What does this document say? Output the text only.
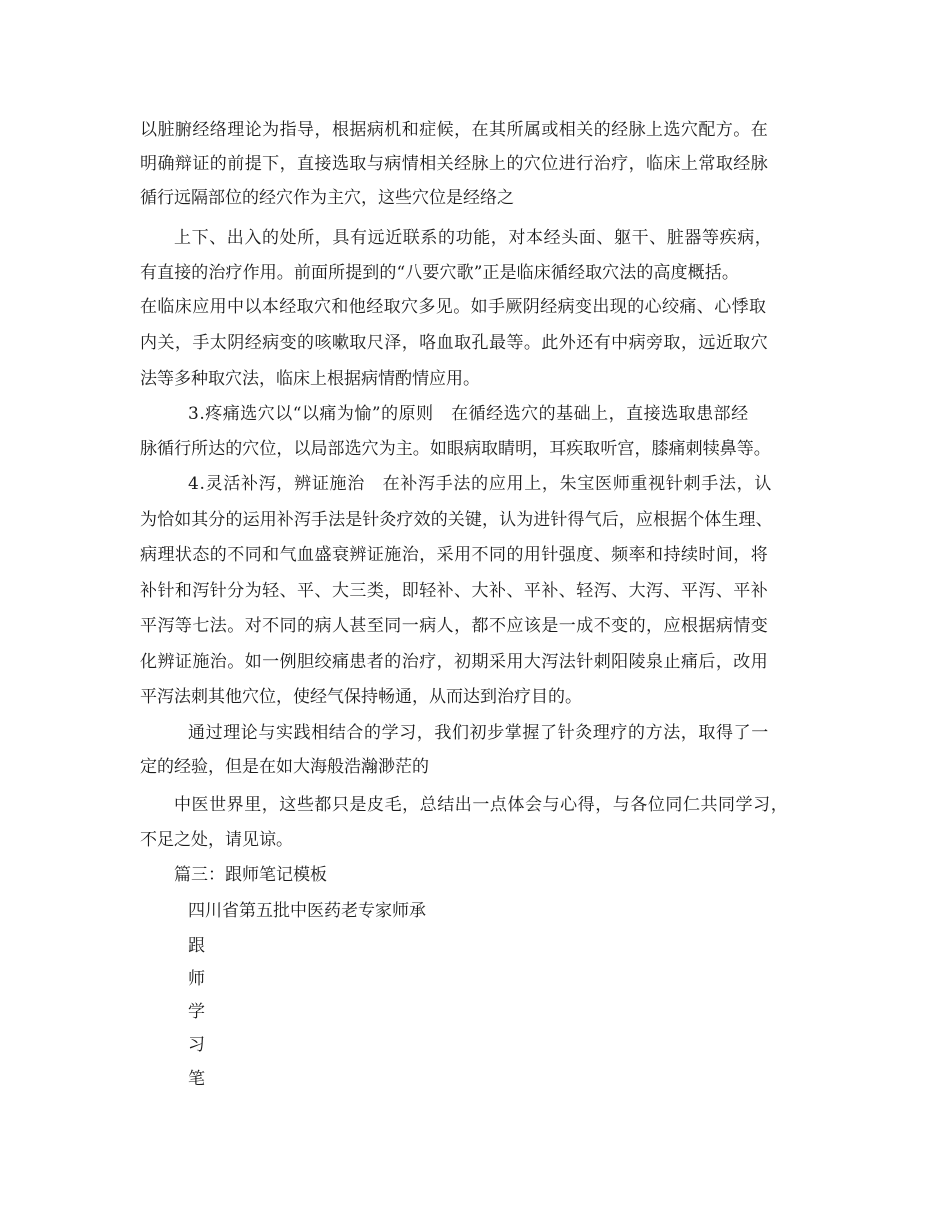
以脏腑经络理论为指导，根据病机和症候，在其所属或相关的经脉上选穴配方。在
明确辩证的前提下，直接选取与病情相关经脉上的穴位进行治疗，临床上常取经脉
循行远隔部位的经穴作为主穴，这些穴位是经络之
上下、出入的处所，具有远近联系的功能，对本经头面、躯干、脏器等疾病，
有直接的治疗作用。前面所提到的“八要穴歌”正是临床循经取穴法的高度概括。
在临床应用中以本经取穴和他经取穴多见。如手厥阴经病变出现的心绞痛、心悸取
内关，手太阴经病变的咳嗽取尺泽，咯血取孔最等。此外还有中病旁取，远近取穴
法等多种取穴法，临床上根据病情酌情应用。
3.疼痛选穴以“以痛为愉”的原则　在循经选穴的基础上，直接选取患部经
脉循行所达的穴位，以局部选穴为主。如眼病取睛明，耳疾取听宫，膝痛刺犊鼻等。
4.灵活补泻，辨证施治　在补泻手法的应用上，朱宝医师重视针刺手法，认
为恰如其分的运用补泻手法是针灸疗效的关键，认为进针得气后，应根据个体生理、
病理状态的不同和气血盛衰辨证施治，采用不同的用针强度、频率和持续时间，将
补针和泻针分为轻、平、大三类，即轻补、大补、平补、轻泻、大泻、平泻、平补
平泻等七法。对不同的病人甚至同一病人，都不应该是一成不变的，应根据病情变
化辨证施治。如一例胆绞痛患者的治疗，初期采用大泻法针刺阳陵泉止痛后，改用
平泻法刺其他穴位，使经气保持畅通，从而达到治疗目的。
通过理论与实践相结合的学习，我们初步掌握了针灸理疗的方法，取得了一
定的经验，但是在如大海般浩瀚渺茫的
中医世界里，这些都只是皮毛，总结出一点体会与心得，与各位同仁共同学习，
不足之处，请见谅。
篇三：跟师笔记模板
四川省第五批中医药老专家师承
跟
师
学
习
笔
